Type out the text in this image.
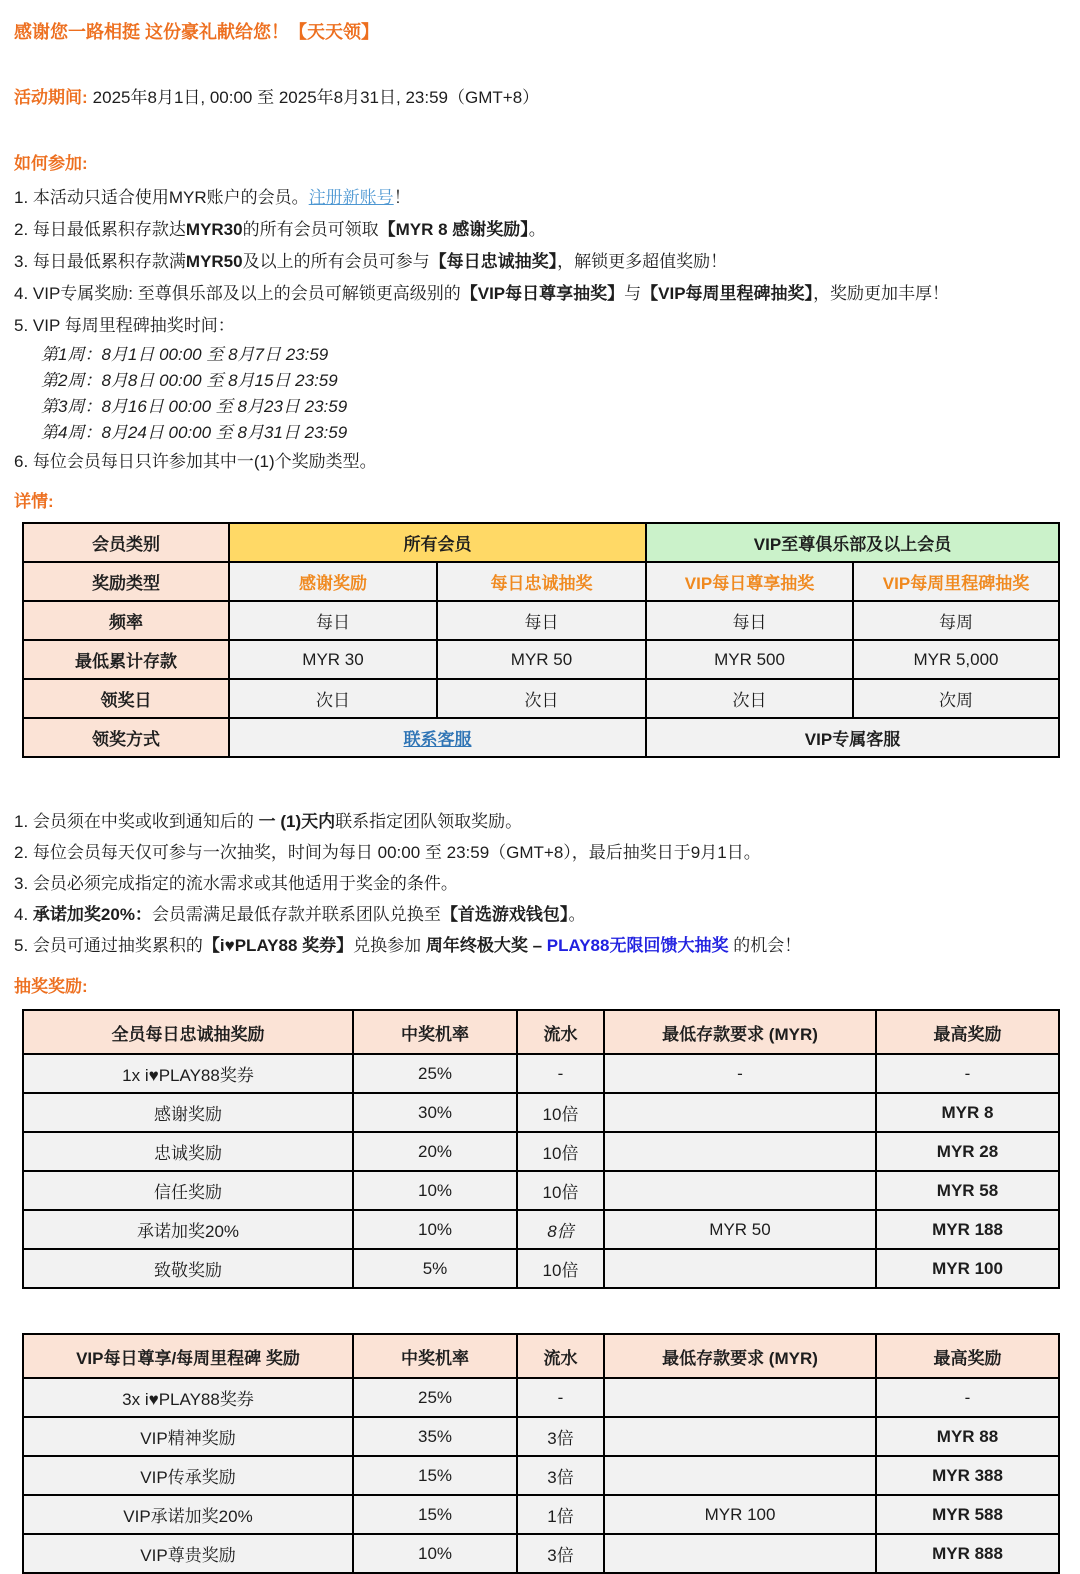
感谢您一路相挺 这份豪礼献给您！【天天领】

活动期间: 2025年8月1日, 00:00 至 2025年8月31日, 23:59（GMT+8）

如何参加:

1. 本活动只适合使用MYR账户的会员。注册新账号！

2. 每日最低累积存款达MYR30的所有会员可领取【MYR 8 感谢奖励】。

3. 每日最低累积存款满MYR50及以上的所有会员可参与【每日忠诚抽奖】，解锁更多超值奖励！

4. VIP专属奖励: 至尊俱乐部及以上的会员可解锁更高级别的【VIP每日尊享抽奖】与【VIP每周里程碑抽奖】，奖励更加丰厚！

5. VIP 每周里程碑抽奖时间：

第1周：8月1日 00:00 至 8月7日 23:59

第2周：8月8日 00:00 至 8月15日 23:59

第3周：8月16日 00:00 至 8月23日 23:59

第4周：8月24日 00:00 至 8月31日 23:59

6. 每位会员每日只许参加其中一(1)个奖励类型。

详情:
会员类别	所有会员		VIP至尊俱乐部及以上会员	
奖励类型	感谢奖励	每日忠诚抽奖	VIP每日尊享抽奖	VIP每周里程碑抽奖
频率	每日	每日	每日	每周
最低累计存款	MYR 30	MYR 50	MYR 500	MYR 5,000
领奖日	次日	次日	次日	次周
领奖方式	联系客服		VIP专属客服	

1. 会员须在中奖或收到通知后的 一 (1)天内联系指定团队领取奖励。

2. 每位会员每天仅可参与一次抽奖，时间为每日 00:00 至 23:59（GMT+8），最后抽奖日于9月1日。

3. 会员必须完成指定的流水需求或其他适用于奖金的条件。

4. 承诺加奖20%：会员需满足最低存款并联系团队兑换至【首选游戏钱包】。

5. 会员可通过抽奖累积的【i♥PLAY88 奖券】兑换参加 周年终极大奖 – PLAY88无限回馈大抽奖 的机会！

抽奖奖励:
全员每日忠诚抽奖励	中奖机率	流水	最低存款要求 (MYR)	最高奖励
1x i♥PLAY88奖券	25%	-	-	-
感谢奖励	30%	10倍		MYR 8
忠诚奖励	20%	10倍		MYR 28
信任奖励	10%	10倍		MYR 58
承诺加奖20%	10%	8倍	MYR 50	MYR 188
致敬奖励	5%	10倍		MYR 100
VIP每日尊享/每周里程碑 奖励	中奖机率	流水	最低存款要求 (MYR)	最高奖励
3x i♥PLAY88奖券	25%	-		-
VIP精神奖励	35%	3倍		MYR 88
VIP传承奖励	15%	3倍		MYR 388
VIP承诺加奖20%	15%	1倍	MYR 100	MYR 588
VIP尊贵奖励	10%	3倍		MYR 888
